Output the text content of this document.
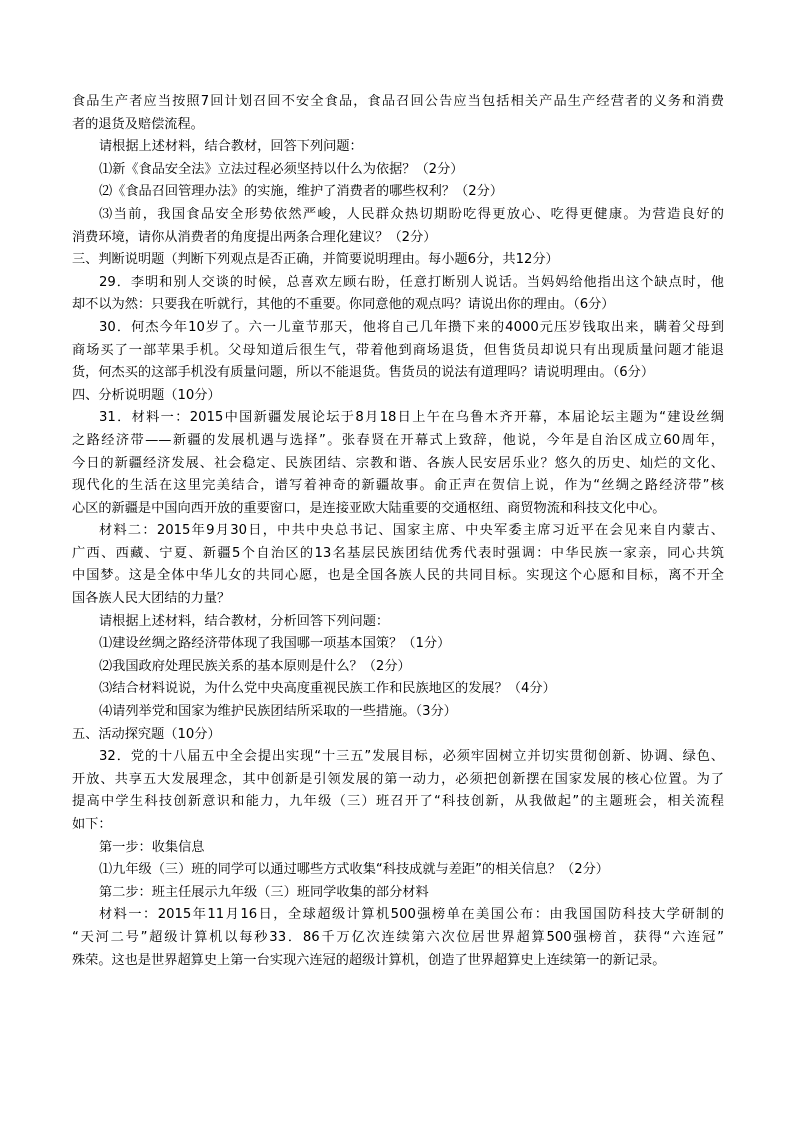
食品生产者应当按照7回计划召回不安全食品，食品召回公告应当包括相关产品生产经营者的义务和消费
者的退货及赔偿流程。
请根据上述材料，结合教材，回答下列问题：
⑴新《食品安全法》立法过程必须坚持以什么为依据？（2分）
⑵《食品召回管理办法》的实施，维护了消费者的哪些权利？（2分）
⑶当前，我国食品安全形势依然严峻，人民群众热切期盼吃得更放心、吃得更健康。为营造良好的
消费环境，请你从消费者的角度提出两条合理化建议？（2分）
三、判断说明题（判断下列观点是否正确，并简要说明理由。每小题6分，共12分）
29．李明和别人交谈的时候，总喜欢左顾右盼，任意打断别人说话。当妈妈给他指出这个缺点时，他
却不以为然：只要我在听就行，其他的不重要。你同意他的观点吗？请说出你的理由。（6分）
30．何杰今年10岁了。六一儿童节那天，他将自己几年攒下来的4000元压岁钱取出来，瞒着父母到
商场买了一部苹果手机。父母知道后很生气，带着他到商场退货，但售货员却说只有出现质量问题才能退
货，何杰买的这部手机没有质量问题，所以不能退货。售货员的说法有道理吗？请说明理由。（6分）
四、分析说明题（10分）
31．材料一：2015中国新疆发展论坛于8月18日上午在乌鲁木齐开幕，本届论坛主题为“建设丝绸
之路经济带——新疆的发展机遇与选择”。张春贤在开幕式上致辞，他说，今年是自治区成立60周年，
今日的新疆经济发展、社会稳定、民族团结、宗教和谐、各族人民安居乐业？悠久的历史、灿烂的文化、
现代化的生活在这里完美结合，谱写着神奇的新疆故事。俞正声在贺信上说，作为“丝绸之路经济带”核
心区的新疆是中国向西开放的重要窗口，是连接亚欧大陆重要的交通枢纽、商贸物流和科技文化中心。
材料二：2015年9月30日，中共中央总书记、国家主席、中央军委主席习近平在会见来自内蒙古、
广西、西藏、宁夏、新疆5个自治区的13名基层民族团结优秀代表时强调：中华民族一家亲，同心共筑
中国梦。这是全体中华儿女的共同心愿，也是全国各族人民的共同目标。实现这个心愿和目标，离不开全
国各族人民大团结的力量？
请根据上述材料，结合教材，分析回答下列问题：
⑴建设丝绸之路经济带体现了我国哪一项基本国策？（1分）
⑵我国政府处理民族关系的基本原则是什么？（2分）
⑶结合材料说说，为什么党中央高度重视民族工作和民族地区的发展？（4分）
⑷请列举党和国家为维护民族团结所采取的一些措施。（3分）
五、活动探究题（10分）
32．党的十八届五中全会提出实现“十三五”发展目标，必须牢固树立并切实贯彻创新、协调、绿色、
开放、共享五大发展理念，其中创新是引领发展的第一动力，必须把创新摆在国家发展的核心位置。为了
提高中学生科技创新意识和能力，九年级（三）班召开了“科技创新，从我做起”的主题班会，相关流程
如下：
第一步：收集信息
⑴九年级（三）班的同学可以通过哪些方式收集“科技成就与差距”的相关信息？（2分）
第二步：班主任展示九年级（三）班同学收集的部分材料
材料一：2015年11月16日，全球超级计算机500强榜单在美国公布：由我国国防科技大学研制的
“天河二号”超级计算机以每秒33．86千万亿次连续第六次位居世界超算500强榜首，获得“六连冠”
殊荣。这也是世界超算史上第一台实现六连冠的超级计算机，创造了世界超算史上连续第一的新记录。
